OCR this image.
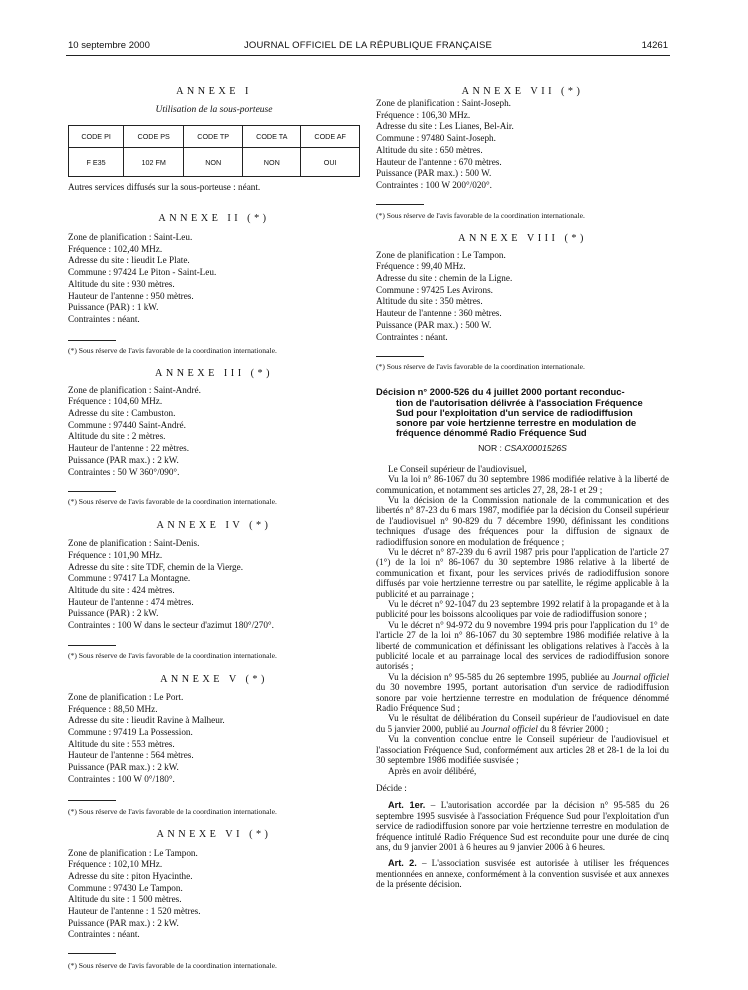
10 septembre 2000	JOURNAL OFFICIEL DE LA RÉPUBLIQUE FRANÇAISE	14261
ANNEXE I
Utilisation de la sous-porteuse
CODE PI	CODE PS	CODE TP	CODE TA	CODE AF
F E35	102 FM	NON	NON	OUI
Autres services diffusés sur la sous-porteuse : néant.
ANNEXE II (*)
Zone de planification : Saint-Leu.
Fréquence : 102,40 MHz.
Adresse du site : lieudit Le Plate.
Commune : 97424 Le Piton - Saint-Leu.
Altitude du site : 930 mètres.
Hauteur de l'antenne : 950 mètres.
Puissance (PAR) : 1 kW.
Contraintes : néant.
(*) Sous réserve de l'avis favorable de la coordination internationale.
ANNEXE III (*)
Zone de planification : Saint-André.
Fréquence : 104,60 MHz.
Adresse du site : Cambuston.
Commune : 97440 Saint-André.
Altitude du site : 2 mètres.
Hauteur de l'antenne : 22 mètres.
Puissance (PAR max.) : 2 kW.
Contraintes : 50 W 360°/090°.
(*) Sous réserve de l'avis favorable de la coordination internationale.
ANNEXE IV (*)
Zone de planification : Saint-Denis.
Fréquence : 101,90 MHz.
Adresse du site : site TDF, chemin de la Vierge.
Commune : 97417 La Montagne.
Altitude du site : 424 mètres.
Hauteur de l'antenne : 474 mètres.
Puissance (PAR) : 2 kW.
Contraintes : 100 W dans le secteur d'azimut 180°/270°.
(*) Sous réserve de l'avis favorable de la coordination internationale.
ANNEXE V (*)
Zone de planification : Le Port.
Fréquence : 88,50 MHz.
Adresse du site : lieudit Ravine à Malheur.
Commune : 97419 La Possession.
Altitude du site : 553 mètres.
Hauteur de l'antenne : 564 mètres.
Puissance (PAR max.) : 2 kW.
Contraintes : 100 W 0°/180°.
(*) Sous réserve de l'avis favorable de la coordination internationale.
ANNEXE VI (*)
Zone de planification : Le Tampon.
Fréquence : 102,10 MHz.
Adresse du site : piton Hyacinthe.
Commune : 97430 Le Tampon.
Altitude du site : 1 500 mètres.
Hauteur de l'antenne : 1 520 mètres.
Puissance (PAR max.) : 2 kW.
Contraintes : néant.
(*) Sous réserve de l'avis favorable de la coordination internationale.
ANNEXE VII (*)
Zone de planification : Saint-Joseph.
Fréquence : 106,30 MHz.
Adresse du site : Les Lianes, Bel-Air.
Commune : 97480 Saint-Joseph.
Altitude du site : 650 mètres.
Hauteur de l'antenne : 670 mètres.
Puissance (PAR max.) : 500 W.
Contraintes : 100 W 200°/020°.
(*) Sous réserve de l'avis favorable de la coordination internationale.
ANNEXE VIII (*)
Zone de planification : Le Tampon.
Fréquence : 99,40 MHz.
Adresse du site : chemin de la Ligne.
Commune : 97425 Les Avirons.
Altitude du site : 350 mètres.
Hauteur de l'antenne : 360 mètres.
Puissance (PAR max.) : 500 W.
Contraintes : néant.
(*) Sous réserve de l'avis favorable de la coordination internationale.
Décision n° 2000-526 du 4 juillet 2000 portant reconduc-
tion de l'autorisation délivrée à l'association Fréquence
Sud pour l'exploitation d'un service de radiodiffusion
sonore par voie hertzienne terrestre en modulation de
fréquence dénommé Radio Fréquence Sud
NOR : CSAX0001526S

Le Conseil supérieur de l'audiovisuel,

Vu la loi n° 86-1067 du 30 septembre 1986 modifiée relative à la liberté de communication, et notamment ses articles 27, 28, 28-1 et 29 ;

Vu la décision de la Commission nationale de la communication et des libertés n° 87-23 du 6 mars 1987, modifiée par la décision du Conseil supérieur de l'audiovisuel n° 90-829 du 7 décembre 1990, définissant les conditions techniques d'usage des fréquences pour la diffusion de signaux de radiodiffusion sonore en modulation de fréquence ;

Vu le décret n° 87-239 du 6 avril 1987 pris pour l'application de l'article 27 (1°) de la loi n° 86-1067 du 30 septembre 1986 relative à la liberté de communication et fixant, pour les services privés de radiodiffusion sonore diffusés par voie hertzienne terrestre ou par satellite, le régime applicable à la publicité et au parrainage ;

Vu le décret n° 92-1047 du 23 septembre 1992 relatif à la propagande et à la publicité pour les boissons alcooliques par voie de radiodiffusion sonore ;

Vu le décret n° 94-972 du 9 novembre 1994 pris pour l'application du 1° de l'article 27 de la loi n° 86-1067 du 30 septembre 1986 modifiée relative à la liberté de communication et définissant les obligations relatives à l'accès à la publicité locale et au parrainage local des services de radiodiffusion sonore autorisés ;

Vu la décision n° 95-585 du 26 septembre 1995, publiée au Journal officiel du 30 novembre 1995, portant autorisation d'un service de radiodiffusion sonore par voie hertzienne terrestre en modulation de fréquence dénommé Radio Fréquence Sud ;

Vu le résultat de délibération du Conseil supérieur de l'audiovisuel en date du 5 janvier 2000, publié au Journal officiel du 8 février 2000 ;

Vu la convention conclue entre le Conseil supérieur de l'audiovisuel et l'association Fréquence Sud, conformément aux articles 28 et 28-1 de la loi du 30 septembre 1986 modifiée susvisée ;

Après en avoir délibéré,

Décide :

Art. 1er. – L'autorisation accordée par la décision n° 95-585 du 26 septembre 1995 susvisée à l'association Fréquence Sud pour l'exploitation d'un service de radiodiffusion sonore par voie hertzienne terrestre en modulation de fréquence intitulé Radio Fréquence Sud est reconduite pour une durée de cinq ans, du 9 janvier 2001 à 6 heures au 9 janvier 2006 à 6 heures.

Art. 2. – L'association susvisée est autorisée à utiliser les fréquences mentionnées en annexe, conformément à la convention susvisée et aux annexes de la présente décision.
